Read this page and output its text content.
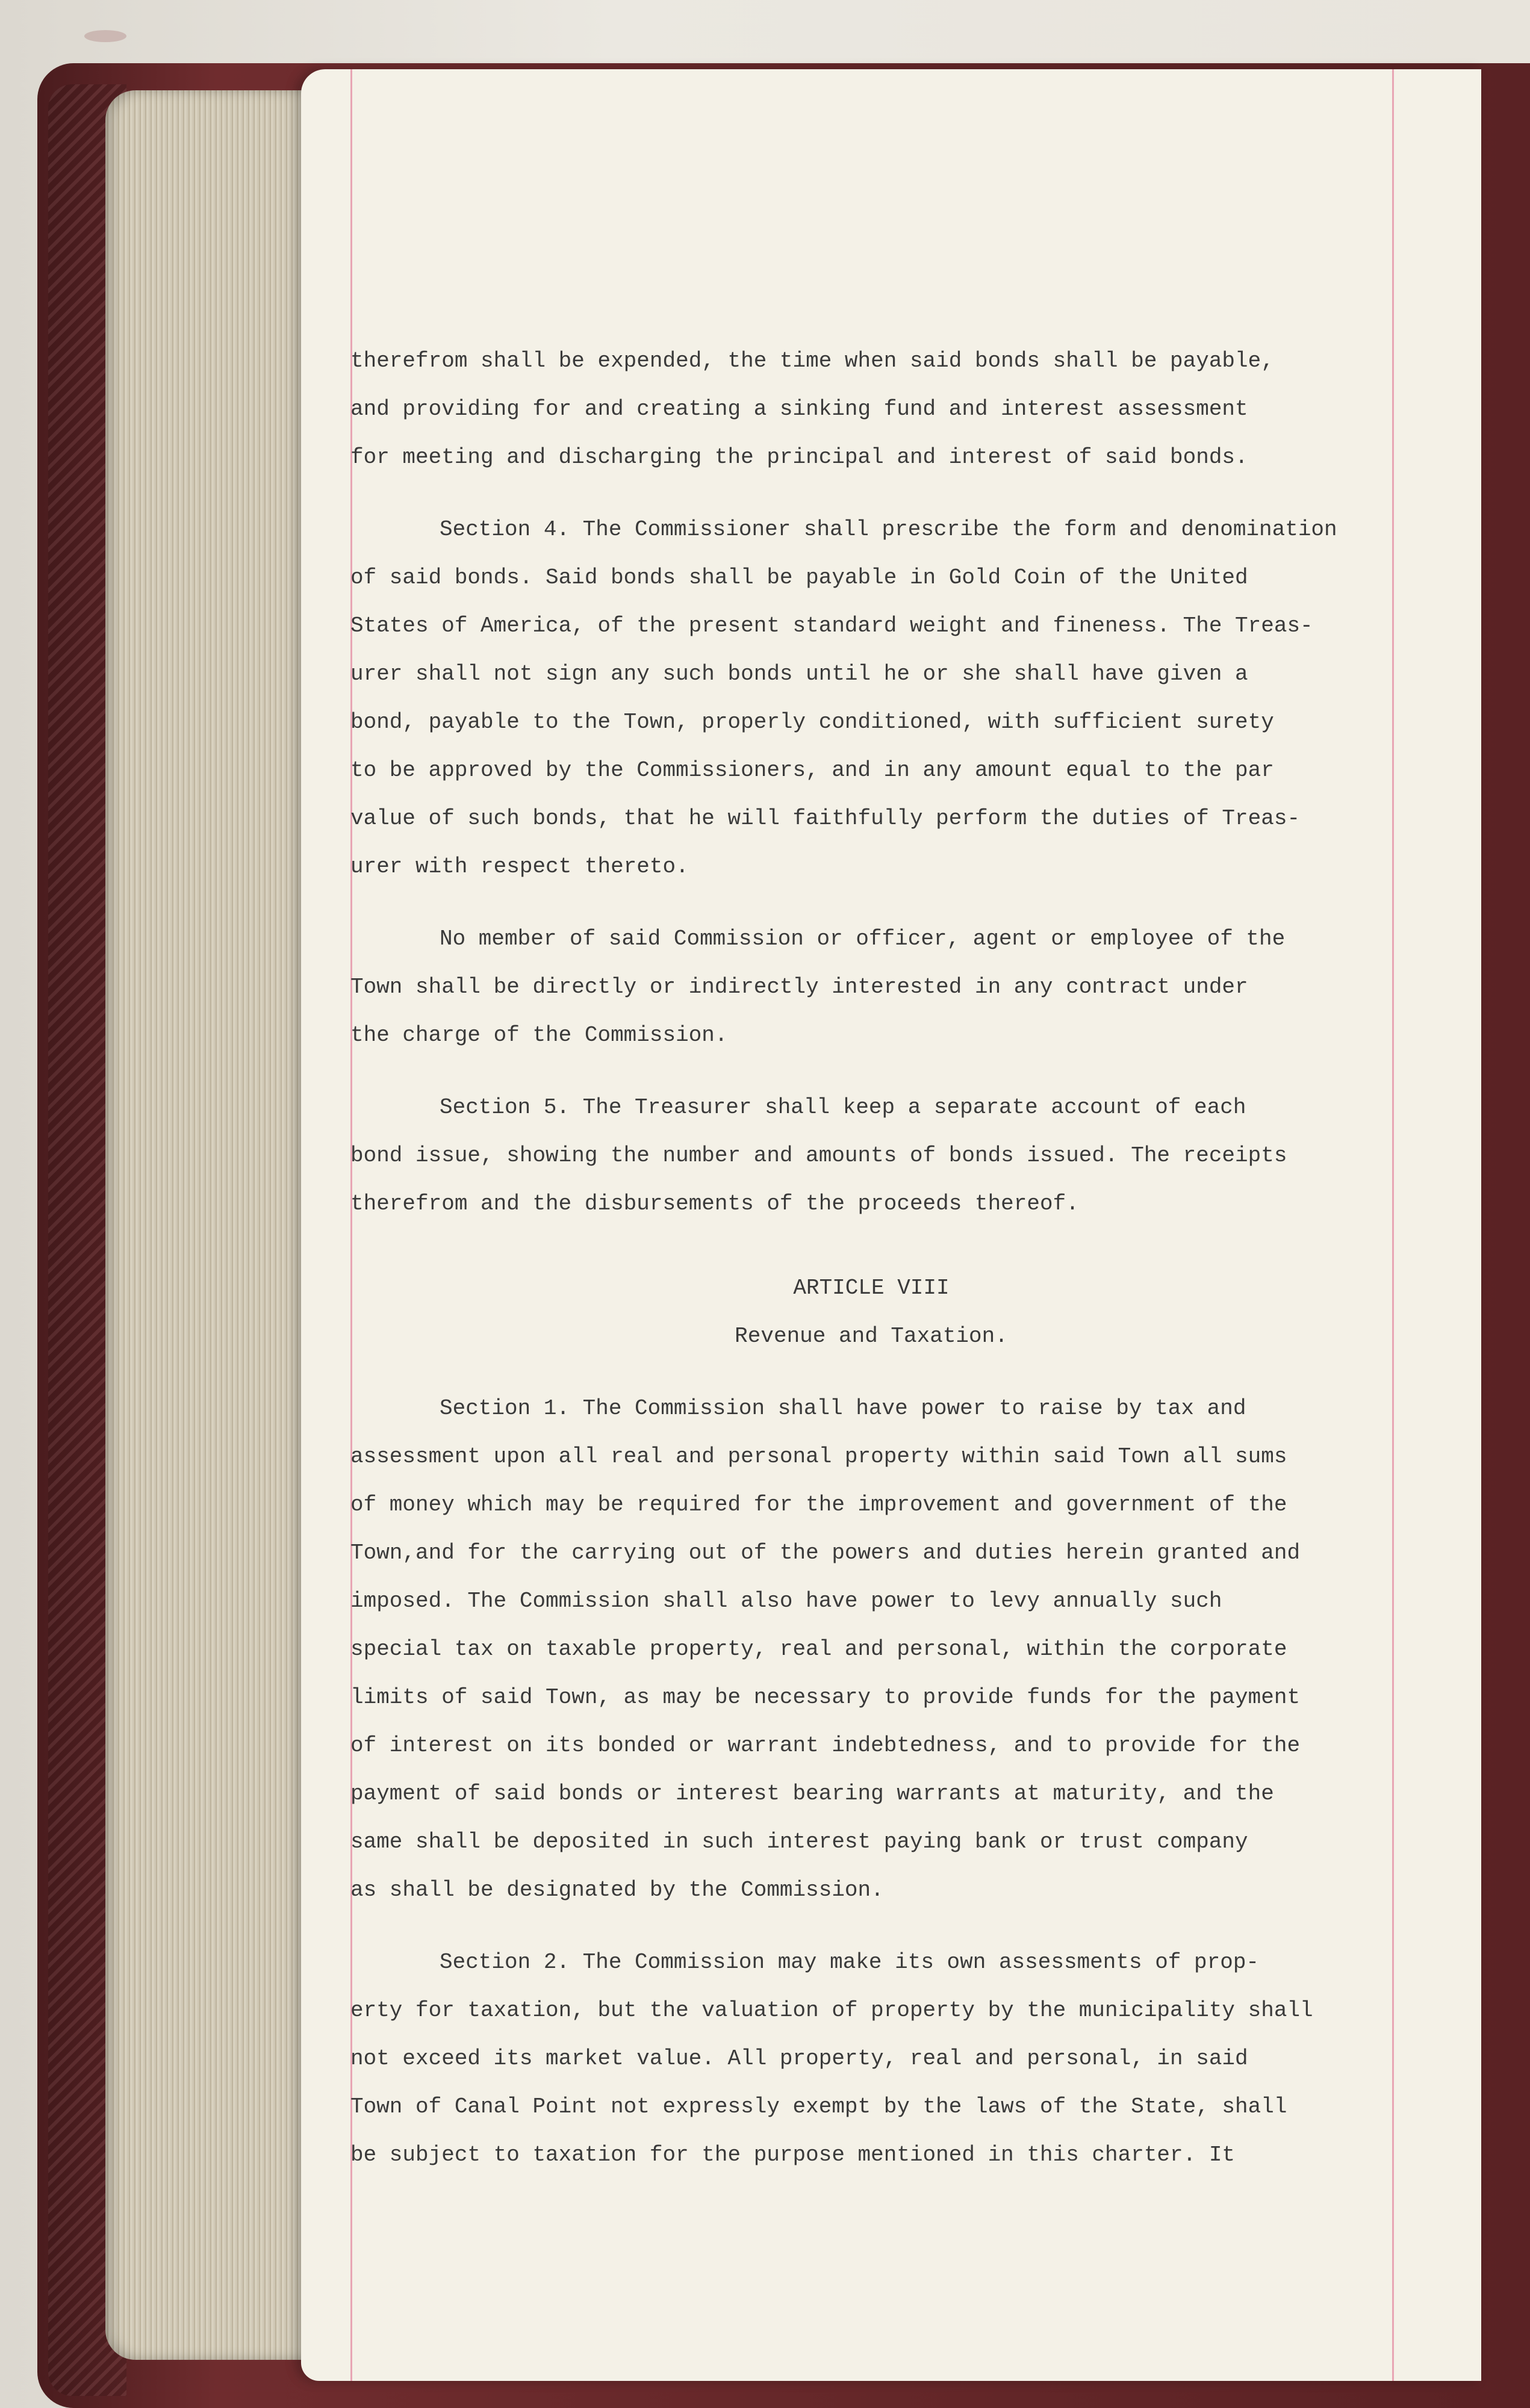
therefrom shall be expended, the time when said bonds shall be payable,

and providing for and creating a sinking fund and interest assessment

for meeting and discharging the principal and interest of said bonds.

Section 4. The Commissioner shall prescribe the form and denomination

of said bonds. Said bonds shall be payable in Gold Coin of the United

States of America, of the present standard weight and fineness. The Treas-

urer shall not sign any such bonds until he or she shall have given a

bond, payable to the Town, properly conditioned, with sufficient surety

to be approved by the Commissioners, and in any amount equal to the par

value of such bonds, that he will faithfully perform the duties of Treas-

urer with respect thereto.

No member of said Commission or officer, agent or employee of the

Town shall be directly or indirectly interested in any contract under

the charge of the Commission.

Section 5. The Treasurer shall keep a separate account of each

bond issue, showing the number and amounts of bonds issued. The receipts

therefrom and the disbursements of the proceeds thereof.

ARTICLE VIII

Revenue and Taxation.

Section 1. The Commission shall have power to raise by tax and

assessment upon all real and personal property within said Town all sums

of money which may be required for the improvement and government of the

Town,and for the carrying out of the powers and duties herein granted and

imposed. The Commission shall also have power to levy annually such

special tax on taxable property, real and personal, within the corporate

limits of said Town, as may be necessary to provide funds for the payment

of interest on its bonded or warrant indebtedness, and to provide for the

payment of said bonds or interest bearing warrants at maturity, and the

same shall be deposited in such interest paying bank or trust company

as shall be designated by the Commission.

Section 2. The Commission may make its own assessments of prop-

erty for taxation, but the valuation of property by the municipality shall

not exceed its market value. All property, real and personal, in said

Town of Canal Point not expressly exempt by the laws of the State, shall

be subject to taxation for the purpose mentioned in this charter. It
